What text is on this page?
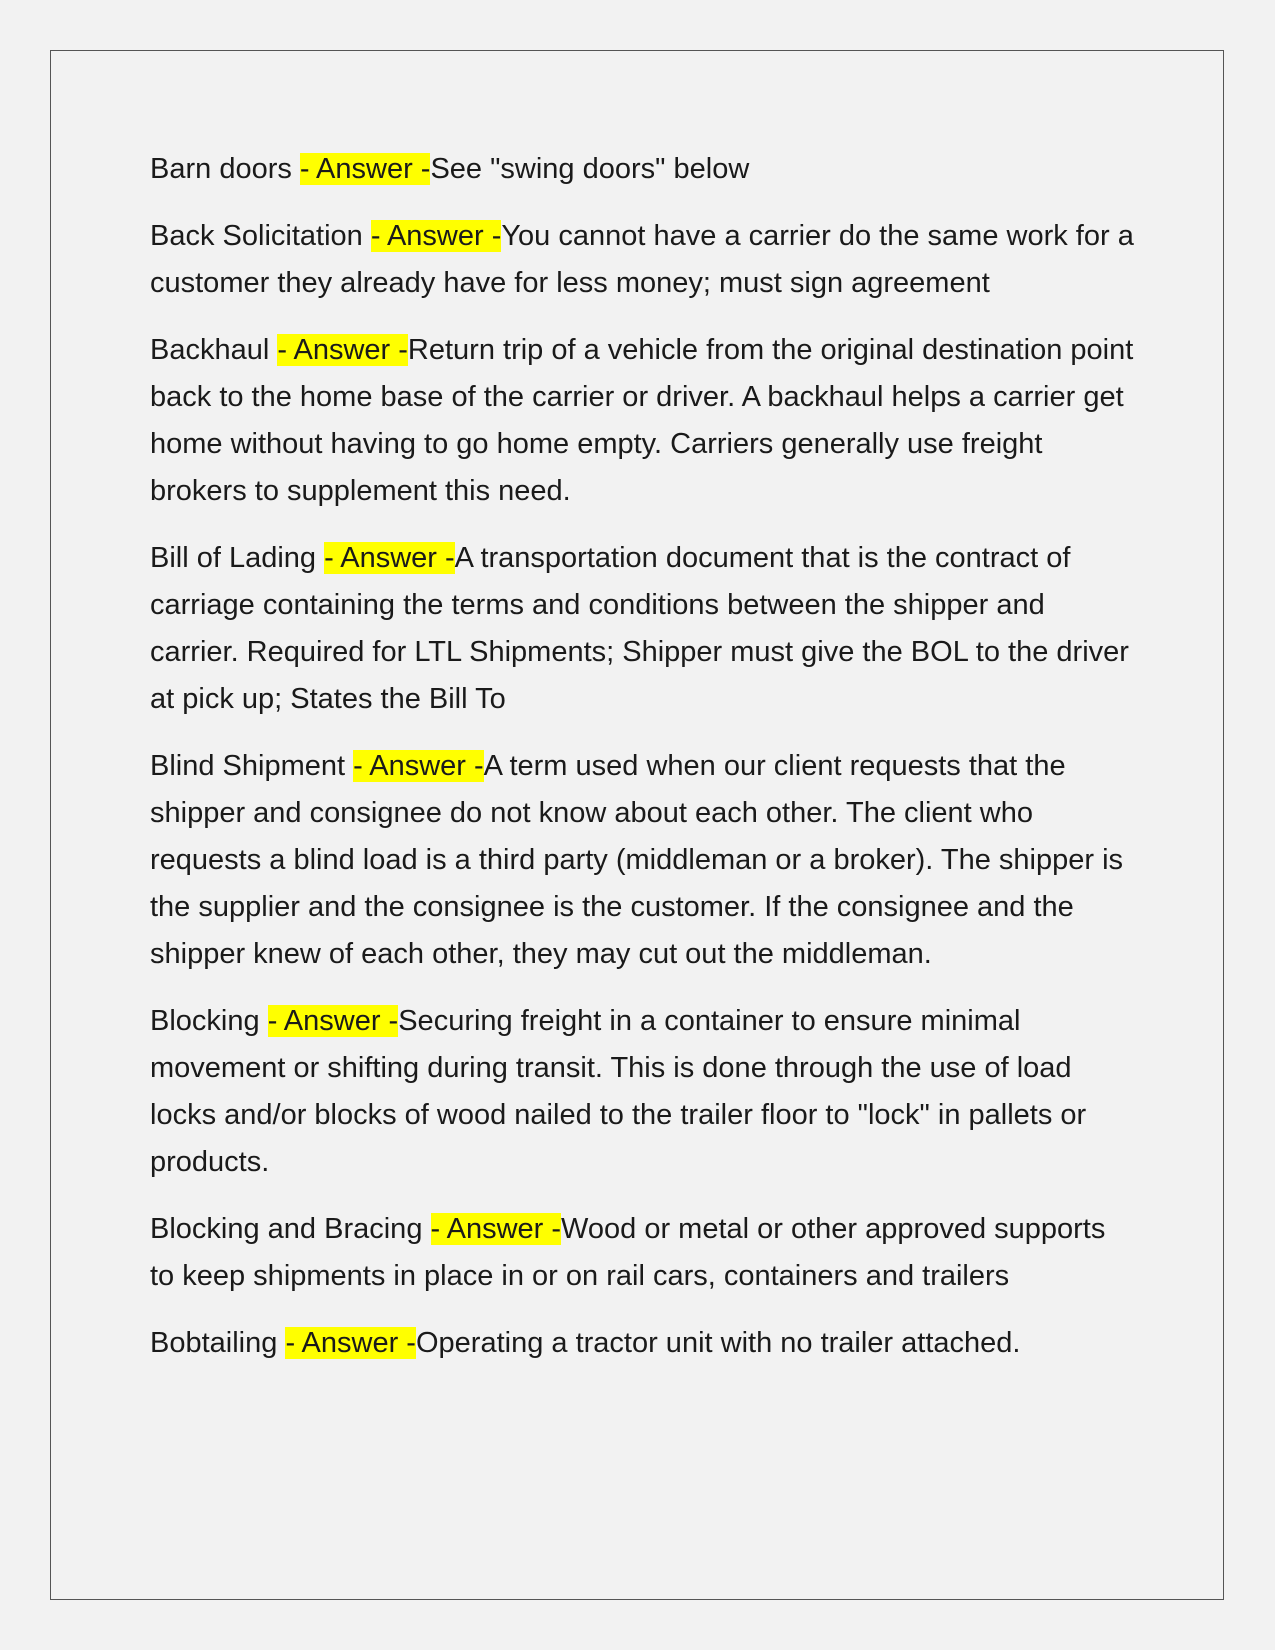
Barn doors - Answer -See "swing doors" below

Back Solicitation - Answer -You cannot have a carrier do the same work for a customer they already have for less money; must sign agreement

Backhaul - Answer -Return trip of a vehicle from the original destination point back to the home base of the carrier or driver. A backhaul helps a carrier get home without having to go home empty. Carriers generally use freight brokers to supplement this need.

Bill of Lading - Answer -A transportation document that is the contract of carriage containing the terms and conditions between the shipper and carrier. Required for LTL Shipments; Shipper must give the BOL to the driver at pick up; States the Bill To

Blind Shipment - Answer -A term used when our client requests that the shipper and consignee do not know about each other. The client who requests a blind load is a third party (middleman or a broker). The shipper is the supplier and the consignee is the customer. If the consignee and the shipper knew of each other, they may cut out the middleman.

Blocking - Answer -Securing freight in a container to ensure minimal movement or shifting during transit. This is done through the use of load locks and/or blocks of wood nailed to the trailer floor to "lock" in pallets or products.

Blocking and Bracing - Answer -Wood or metal or other approved supports to keep shipments in place in or on rail cars, containers and trailers

Bobtailing - Answer -Operating a tractor unit with no trailer attached.
